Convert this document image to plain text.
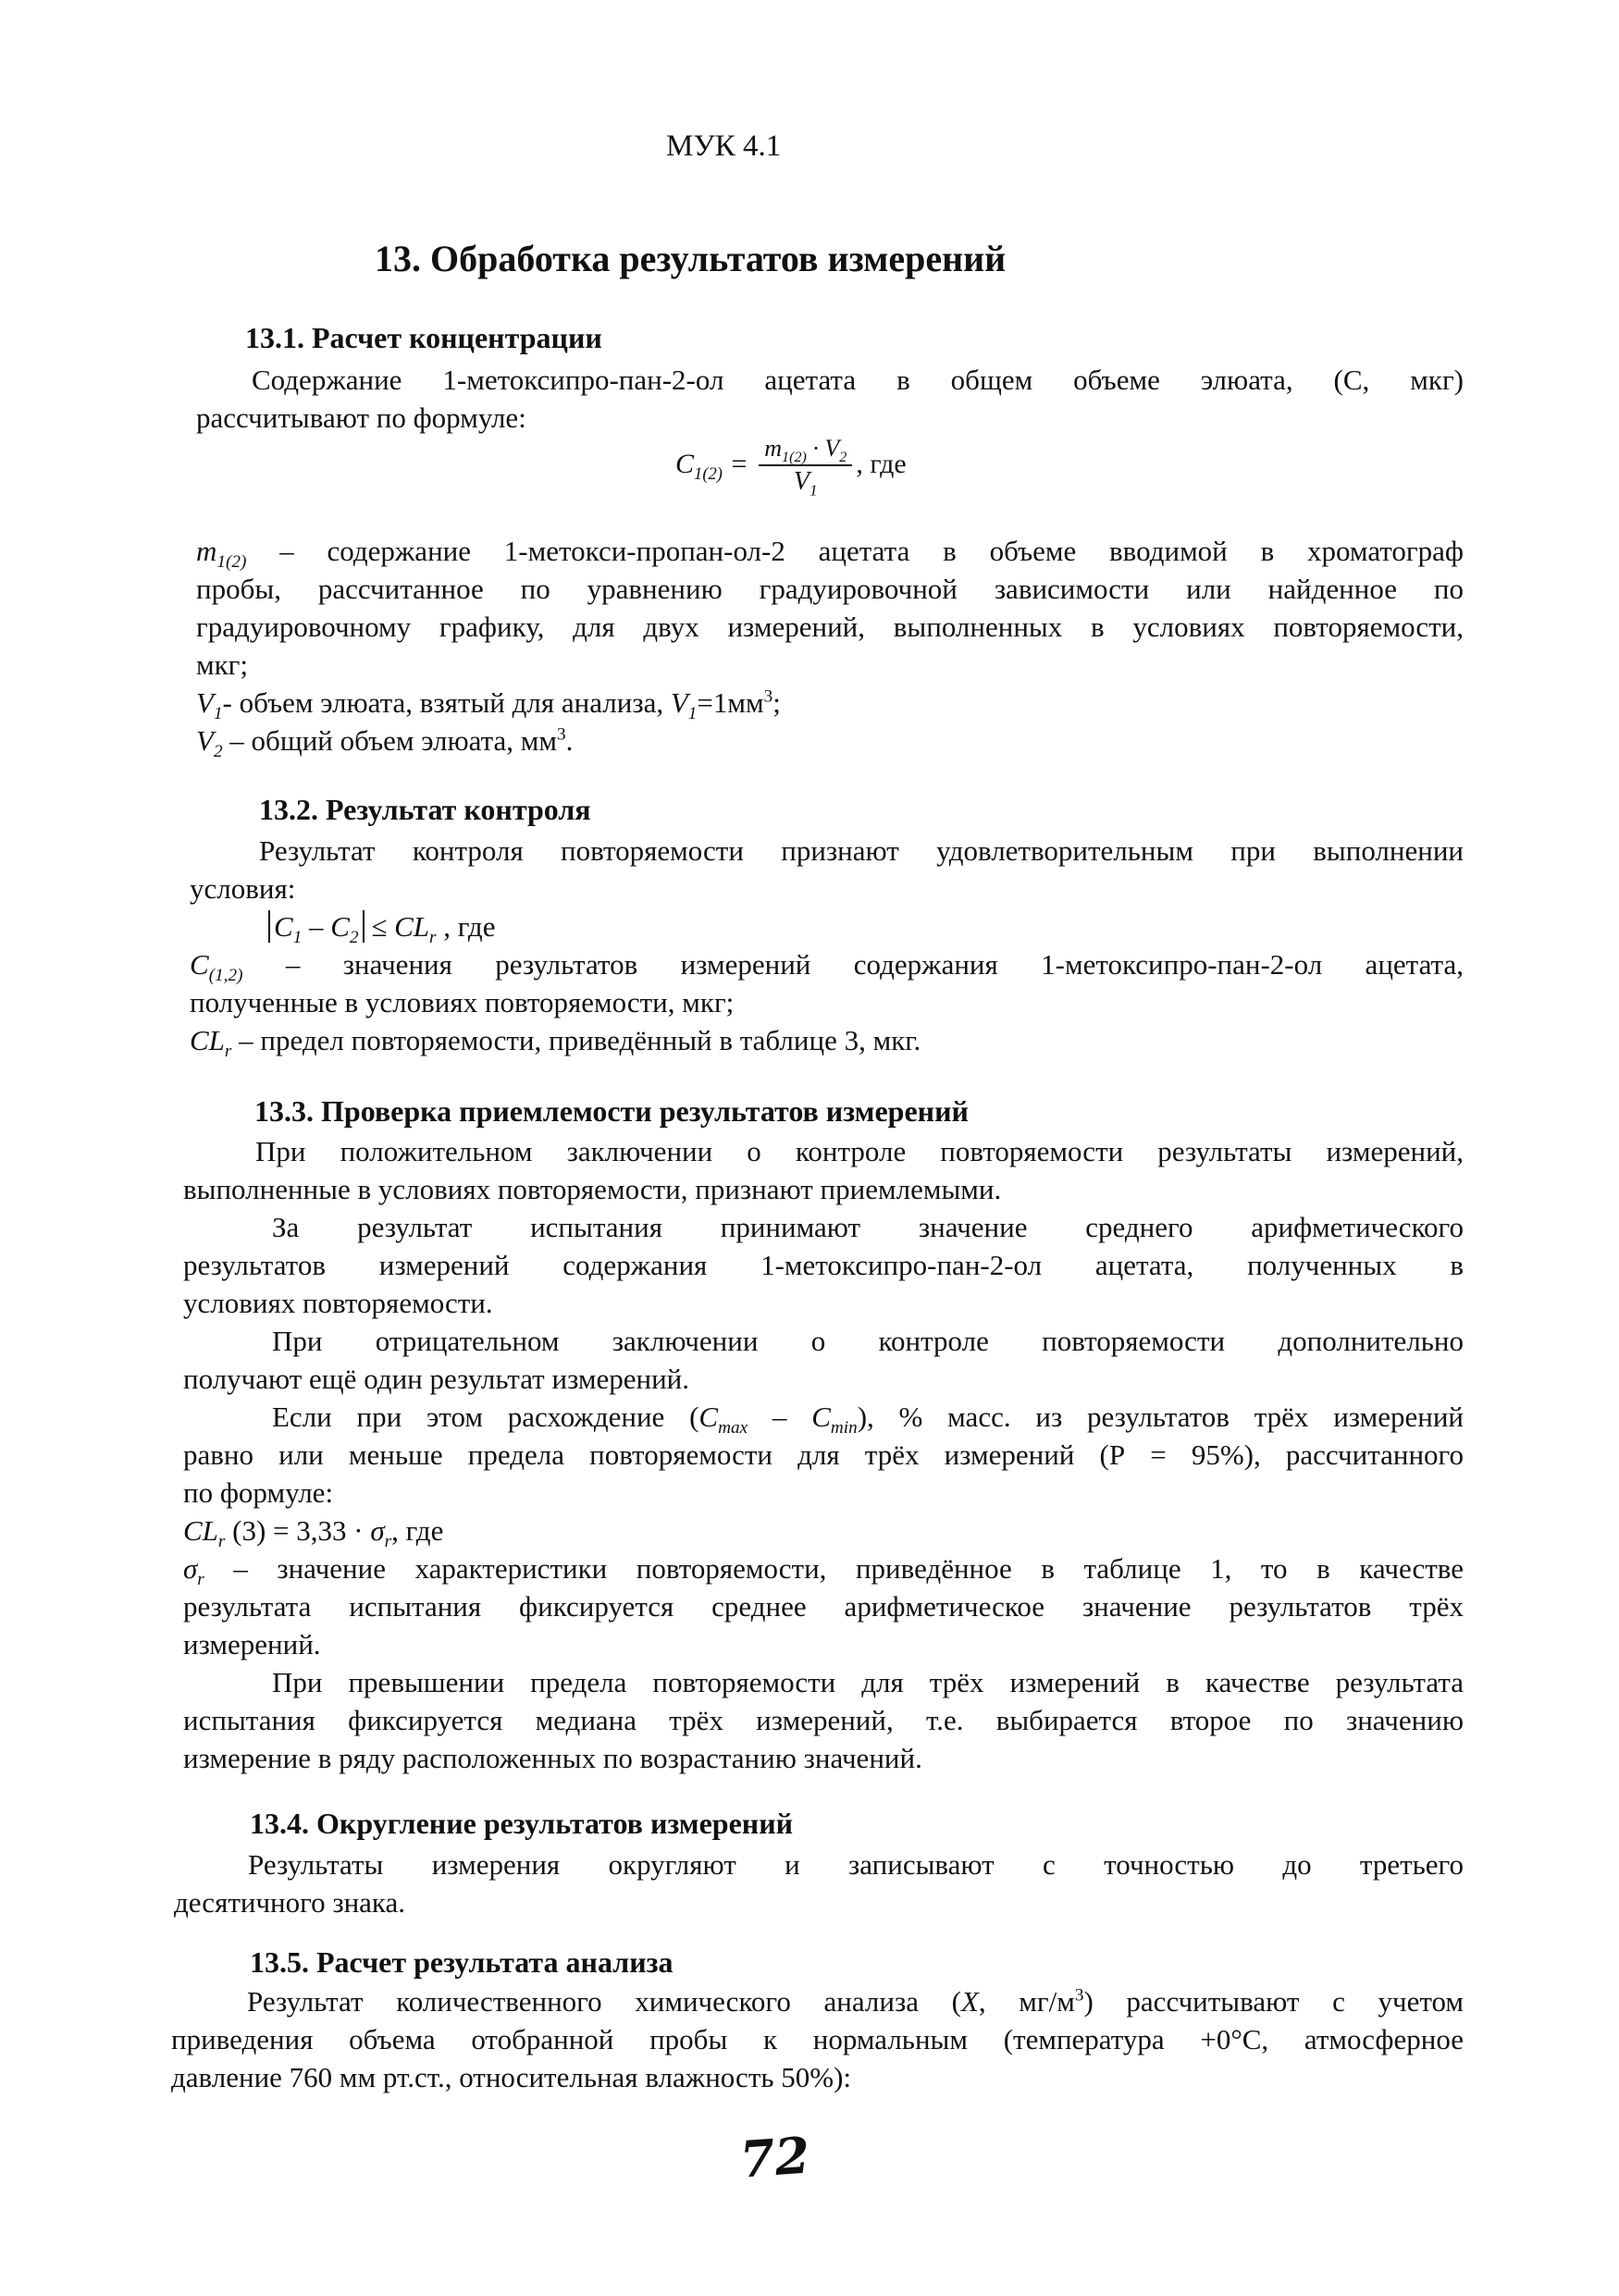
МУК 4.1
13. Обработка результатов измерений
13.1. Расчет концентрации
Содержание 1-метоксипро-пан-2-ол ацетата в общем объеме элюата, (C, мкг)
рассчитывают по формуле:
$C_{1(2)} = \frac{m_{1(2)} \cdot V_2}{V_1}$ , где
$m_{1(2)}$ – содержание 1-метокси-пропан-ол-2 ацетата в объеме вводимой в хроматограф
пробы, рассчитанное по уравнению градуировочной зависимости или найденное по
градуировочному графику, для двух измерений, выполненных в условиях повторяемости,
мкг;
$V_1-$ объем элюата, взятый для анализа, $V_1=1мм^3$;
$V_2$ – общий объем элюата, $мм^3$.
13.2. Результат контроля
Результат контроля повторяемости признают удовлетворительным при выполнении
условия:
$C_1 - C_2 \le CL_r$ , где
$C_{(1,2)}$ – значения результатов измерений содержания 1-метоксипро-пан-2-ол ацетата,
полученные в условиях повторяемости, мкг;
$CL_r$ – предел повторяемости, приведённый в таблице 3, мкг.
13.3. Проверка приемлемости результатов измерений
При положительном заключении о контроле повторяемости результаты измерений,
выполненные в условиях повторяемости, признают приемлемыми.
За результат испытания принимают значение среднего арифметического
результатов измерений содержания 1-метоксипро-пан-2-ол ацетата, полученных в
условиях повторяемости.
При отрицательном заключении о контроле повторяемости дополнительно
получают ещё один результат измерений.
Если при этом расхождение $(C_{max} - C_{min})$, % масс. из результатов трёх измерений
равно или меньше предела повторяемости для трёх измерений (Р = 95%), рассчитанного
по формуле:
$CL_r$ $(3) = 3,33 \cdot \sigma_r$, где
$\sigma_r$ – значение характеристики повторяемости, приведённое в таблице 1, то в качестве
результата испытания фиксируется среднее арифметическое значение результатов трёх
измерений.
При превышении предела повторяемости для трёх измерений в качестве результата
испытания фиксируется медиана трёх измерений, т.е. выбирается второе по значению
измерение в ряду расположенных по возрастанию значений.
13.4. Округление результатов измерений
Результаты измерения округляют и записывают с точностью до третьего
десятичного знака.
13.5. Расчет результата анализа
Результат количественного химического анализа (X, $мг/м^3$) рассчитывают с учетом
приведения объема отобранной пробы к нормальным (температура +0°С, атмосферное
давление 760 мм рт.ст., относительная влажность 50%):
72
